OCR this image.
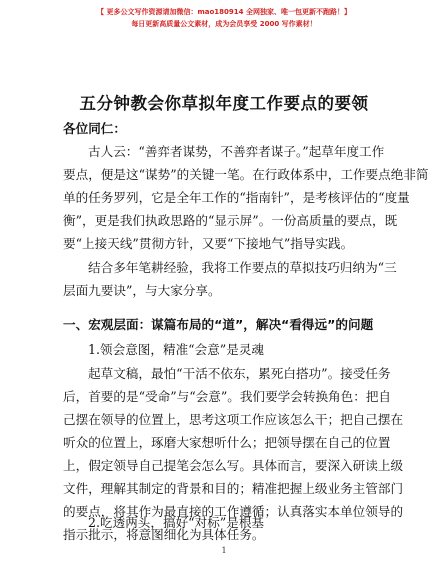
【 更多公文写作资源请加微信：mao180914 全网独家、唯一包更新不跑路！】
每日更新高质量公文素材，成为会员享受 2000 写作素材！
五分钟教会你草拟年度工作要点的要领
各位同仁：
古人云：“善弈者谋势，不善弈者谋子。”起草年度工作
要点，便是这“谋势”的关键一笔。在行政体系中，工作要点绝非简
单的任务罗列，它是全年工作的“指南针”，是考核评估的“度量
衡”，更是我们执政思路的“显示屏”。一份高质量的要点，既
要“上接天线”贯彻方针，又要“下接地气”指导实践。
结合多年笔耕经验，我将工作要点的草拟技巧归纳为“三
层面九要诀”，与大家分享。
一、宏观层面：谋篇布局的“道”，解决“看得远”的问题
1.领会意图，精准“会意”是灵魂
起草文稿，最怕“干活不依东，累死白搭功”。接受任务
后，首要的是“受命”与“会意”。我们要学会转换角色：把自
己摆在领导的位置上，思考这项工作应该怎么干；把自己摆在
听众的位置上，琢磨大家想听什么；把领导摆在自己的位置
上，假定领导自己提笔会怎么写。具体而言，要深入研读上级
文件，理解其制定的背景和目的；精准把握上级业务主管部门
的要点，将其作为最直接的工作遵循；认真落实本单位领导的
指示批示，将意图细化为具体任务。
2.吃透两头，搞好“对标”是根基
1
